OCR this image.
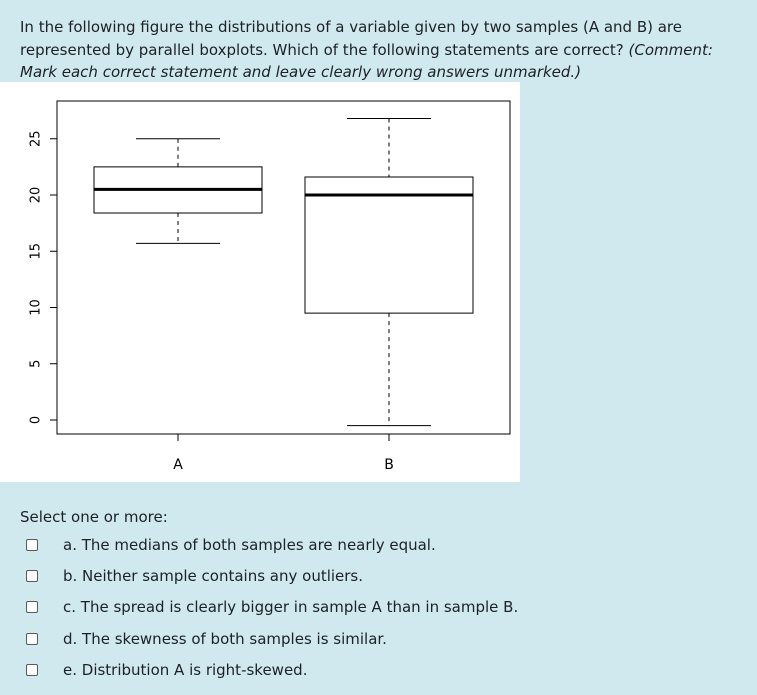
In the following figure the distributions of a variable given by two samples (A and B) are represented by parallel boxplots. Which of the following statements are correct? (Comment: Mark each correct statement and leave clearly wrong answers unmarked.)
0
5
10
15
20
25
A	B
Select one or more:
a. The medians of both samples are nearly equal.
b. Neither sample contains any outliers.
c. The spread is clearly bigger in sample A than in sample B.
d. The skewness of both samples is similar.
e. Distribution A is right-skewed.
